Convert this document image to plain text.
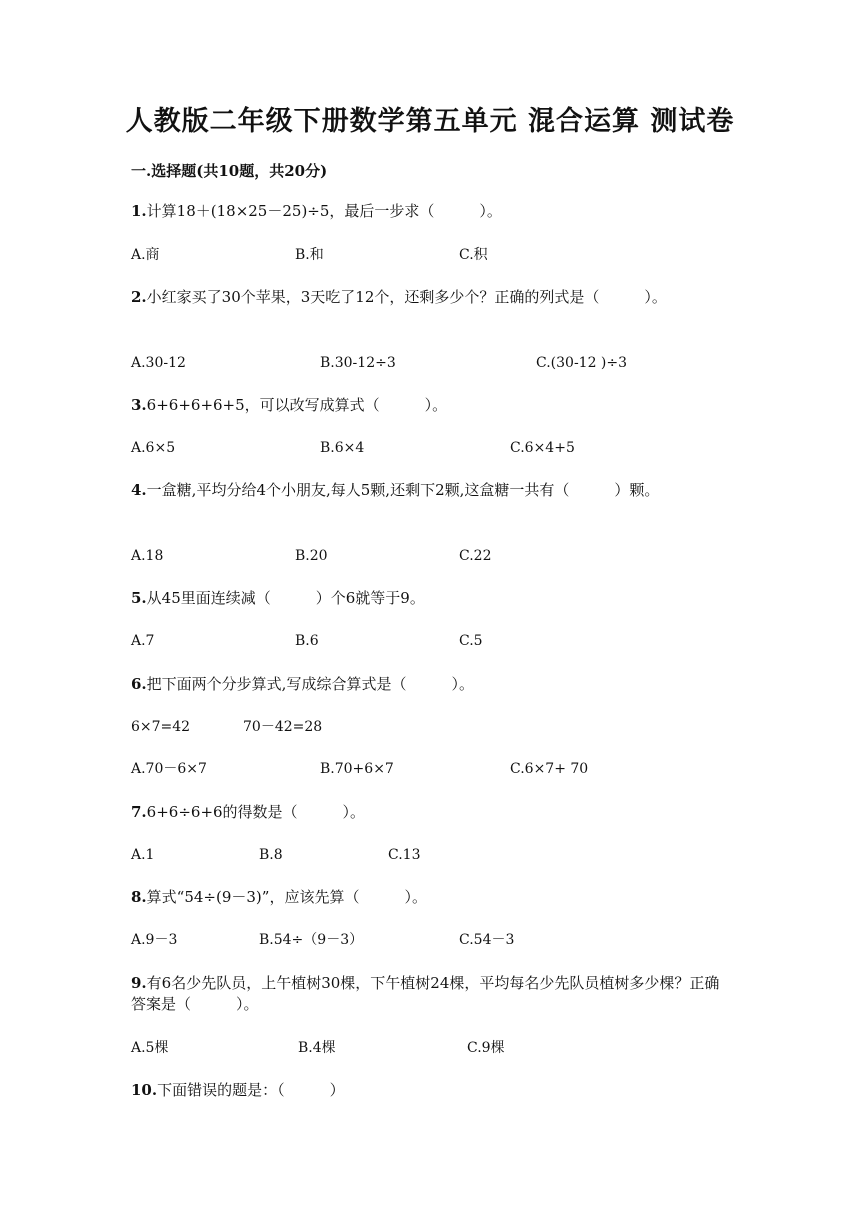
人教版二年级下册数学第五单元 混合运算 测试卷
一.选择题(共10题，共20分)
1.计算18＋(18×25－25)÷5，最后一步求（　　　）。
A.商	B.和	C.积
2.小红家买了30个苹果，3天吃了12个，还剩多少个？正确的列式是（　　　）。
A.30-12	B.30-12÷3	C.(30-12 )÷3
3.6+6+6+6+5，可以改写成算式（　　　）。
A.6×5	B.6×4	C.6×4+5
4.一盒糖,平均分给4个小朋友,每人5颗,还剩下2颗,这盒糖一共有（　　　）颗。
A.18	B.20	C.22
5.从45里面连续减（　　　）个6就等于9。
A.7	B.6	C.5
6.把下面两个分步算式,写成综合算式是（　　　）。
6×7=42	70－42=28
A.70－6×7	B.70+6×7	C.6×7+ 70
7.6+6÷6+6的得数是（　　　）。
A.1	B.8	C.13
8.算式“54÷(9－3)”，应该先算（　　　）。
A.9－3	B.54÷（9－3）	C.54－3
9.有6名少先队员，上午植树30棵，下午植树24棵，平均每名少先队员植树多少棵？正确答案是（　　　）。
A.5棵	B.4棵	C.9棵
10.下面错误的题是：（　　　）
